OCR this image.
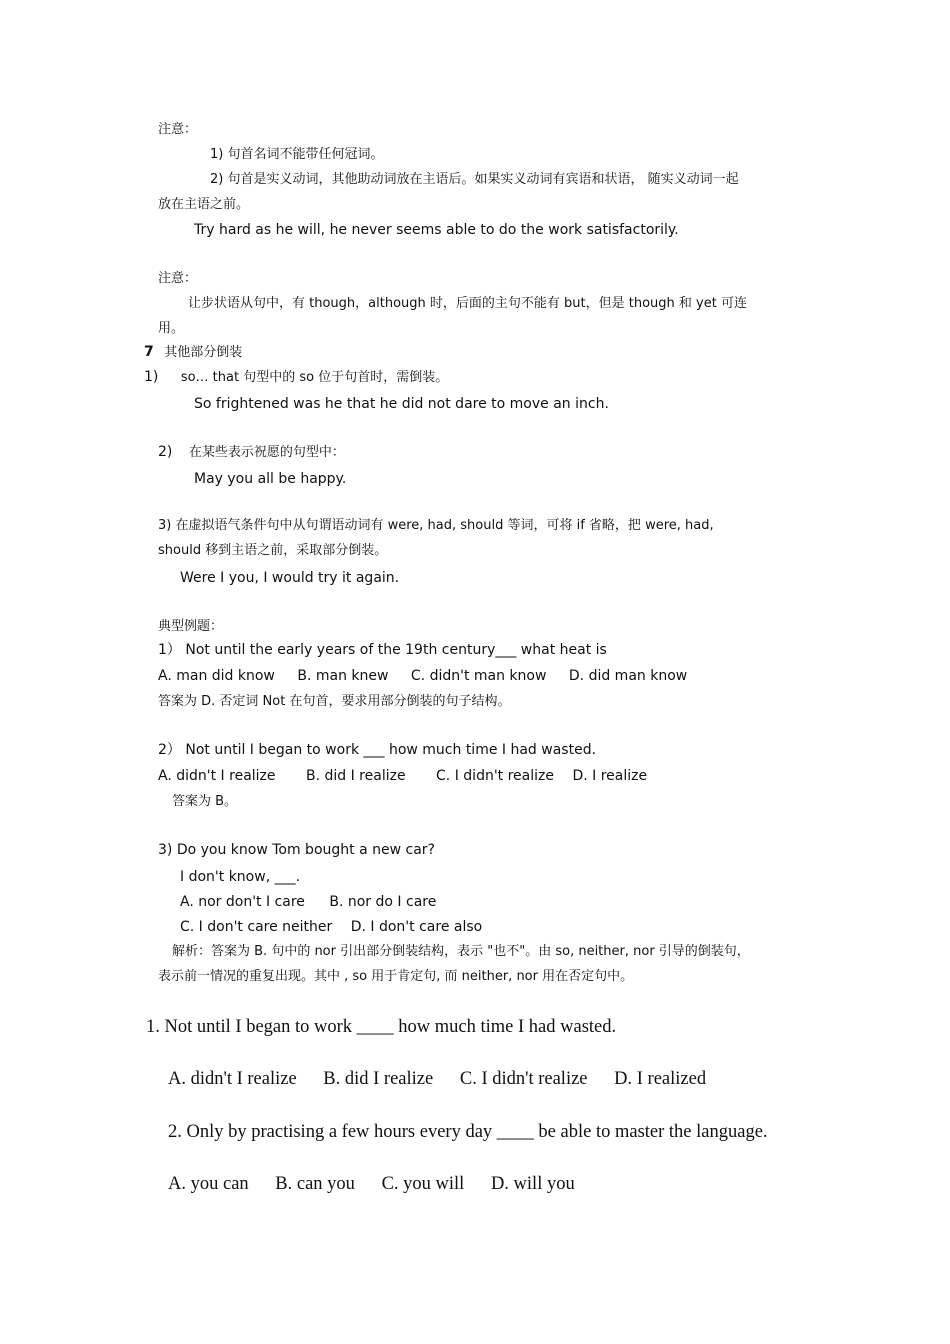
注意：
1) 句首名词不能带任何冠词。
2) 句首是实义动词，其他助动词放在主语后。如果实义动词有宾语和状语， 随实义动词一起
放在主语之前。
Try hard as he will, he never seems able to do the work satisfactorily.
注意：
让步状语从句中，有 though，although 时，后面的主句不能有 but，但是 though 和 yet 可连
用。
7 其他部分倒装
1) so… that 句型中的 so 位于句首时，需倒装。
So frightened was he that he did not dare to move an inch.
2) 在某些表示祝愿的句型中：
May you all be happy.
3) 在虚拟语气条件句中从句谓语动词有 were, had, should 等词，可将 if 省略，把 were, had,
should 移到主语之前，采取部分倒装。
Were I you, I would try it again.
典型例题：
1） Not until the early years of the 19th century___ what heat is
A. man did know B. man knew C. didn't man know D. did man know
答案为 D. 否定词 Not 在句首，要求用部分倒装的句子结构。
2） Not until I began to work ___ how much time I had wasted.
A. didn't I realize B. did I realize C. I didn't realize D. I realize
答案为 B。
3) Do you know Tom bought a new car?
I don't know, ___.
A. nor don't I care B. nor do I care
C. I don't care neither D. I don't care also
解析：答案为 B. 句中的 nor 引出部分倒装结构，表示 "也不"。由 so, neither, nor 引导的倒装句，
表示前一情况的重复出现。其中 , so 用于肯定句, 而 neither, nor 用在否定句中。
1. Not until I began to work ____ how much time I had wasted.
A. didn't I realize B. did I realize C. I didn't realize D. I realized
2. Only by practising a few hours every day ____ be able to master the language.
A. you can B. can you C. you will D. will you
